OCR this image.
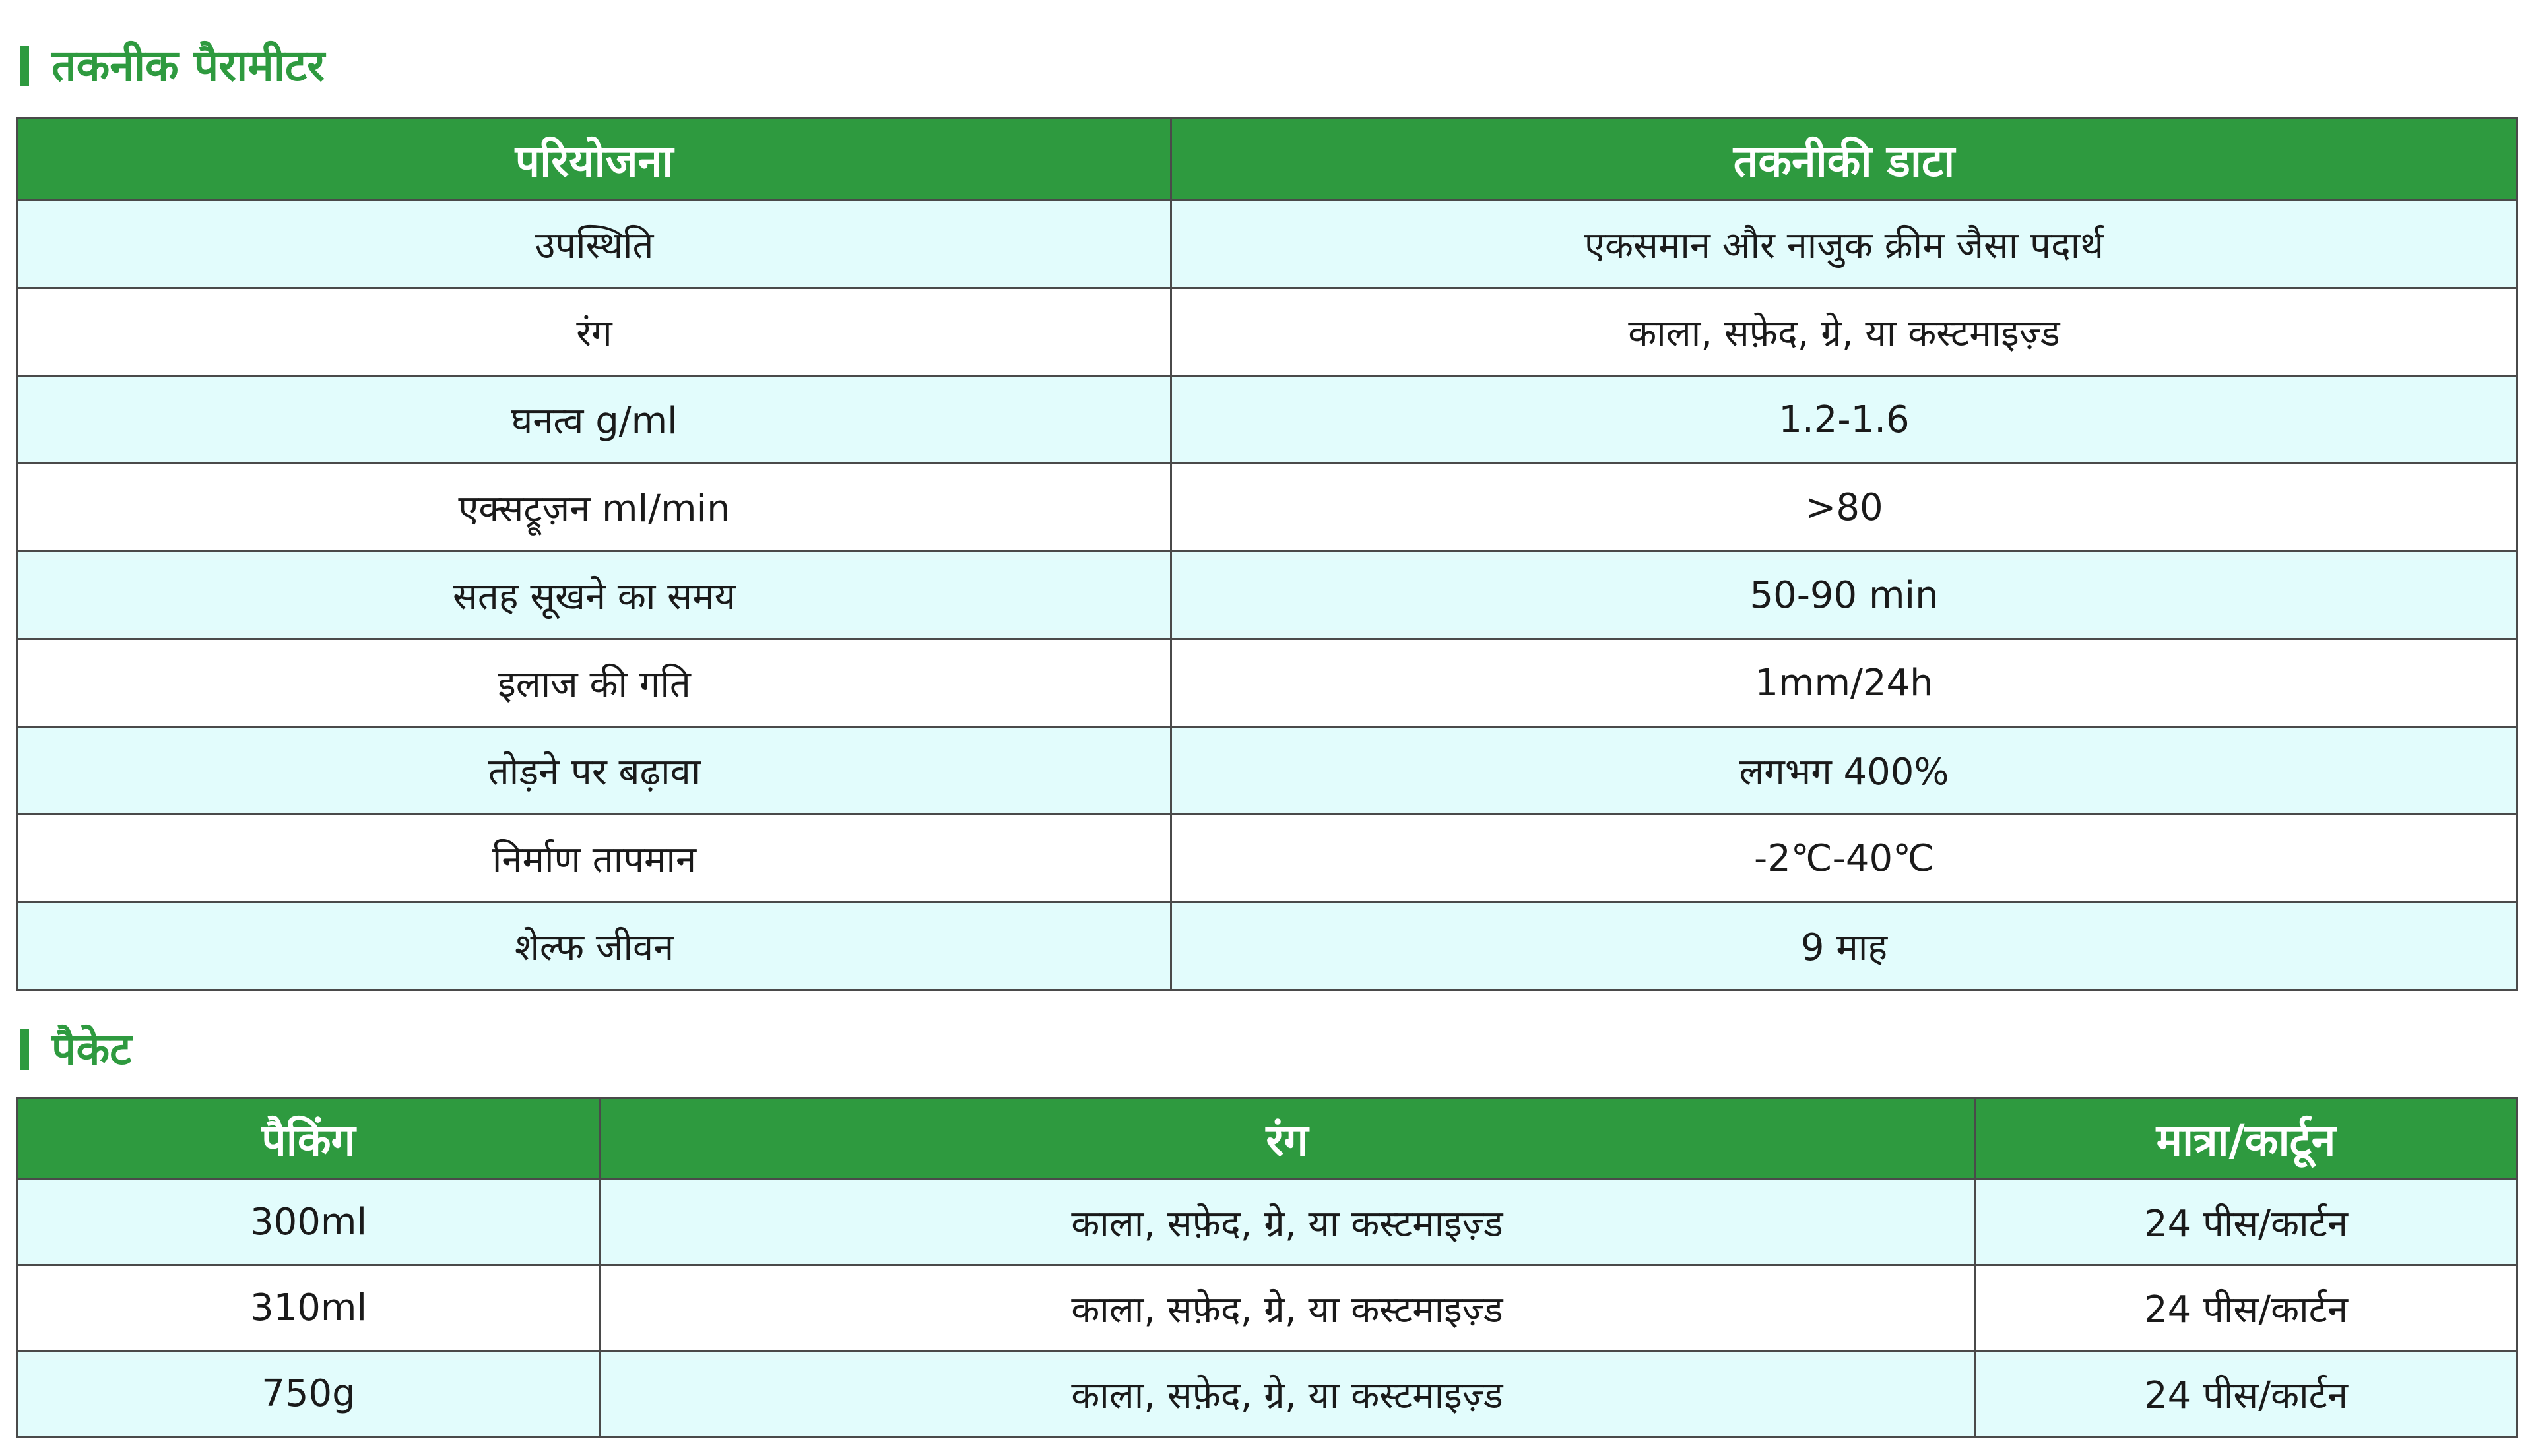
तकनीक पैरामीटर
परियोजना	तकनीकी डाटा
उपस्थिति	एकसमान और नाजुक क्रीम जैसा पदार्थ
रंग	काला, सफ़ेद, ग्रे, या कस्टमाइज़्ड
घनत्व g/ml	1.2-1.6
एक्सट्रूज़न ml/min	>80
सतह सूखने का समय	50-90 min
इलाज की गति	1mm/24h
तोड़ने पर बढ़ावा	लगभग 400%
निर्माण तापमान	-2℃-40℃
शेल्फ जीवन	9 माह
पैकेट
पैकिंग	रंग	मात्रा/कार्टून
300ml	काला, सफ़ेद, ग्रे, या कस्टमाइज़्ड	24 पीस/कार्टन
310ml	काला, सफ़ेद, ग्रे, या कस्टमाइज़्ड	24 पीस/कार्टन
750g	काला, सफ़ेद, ग्रे, या कस्टमाइज़्ड	24 पीस/कार्टन
